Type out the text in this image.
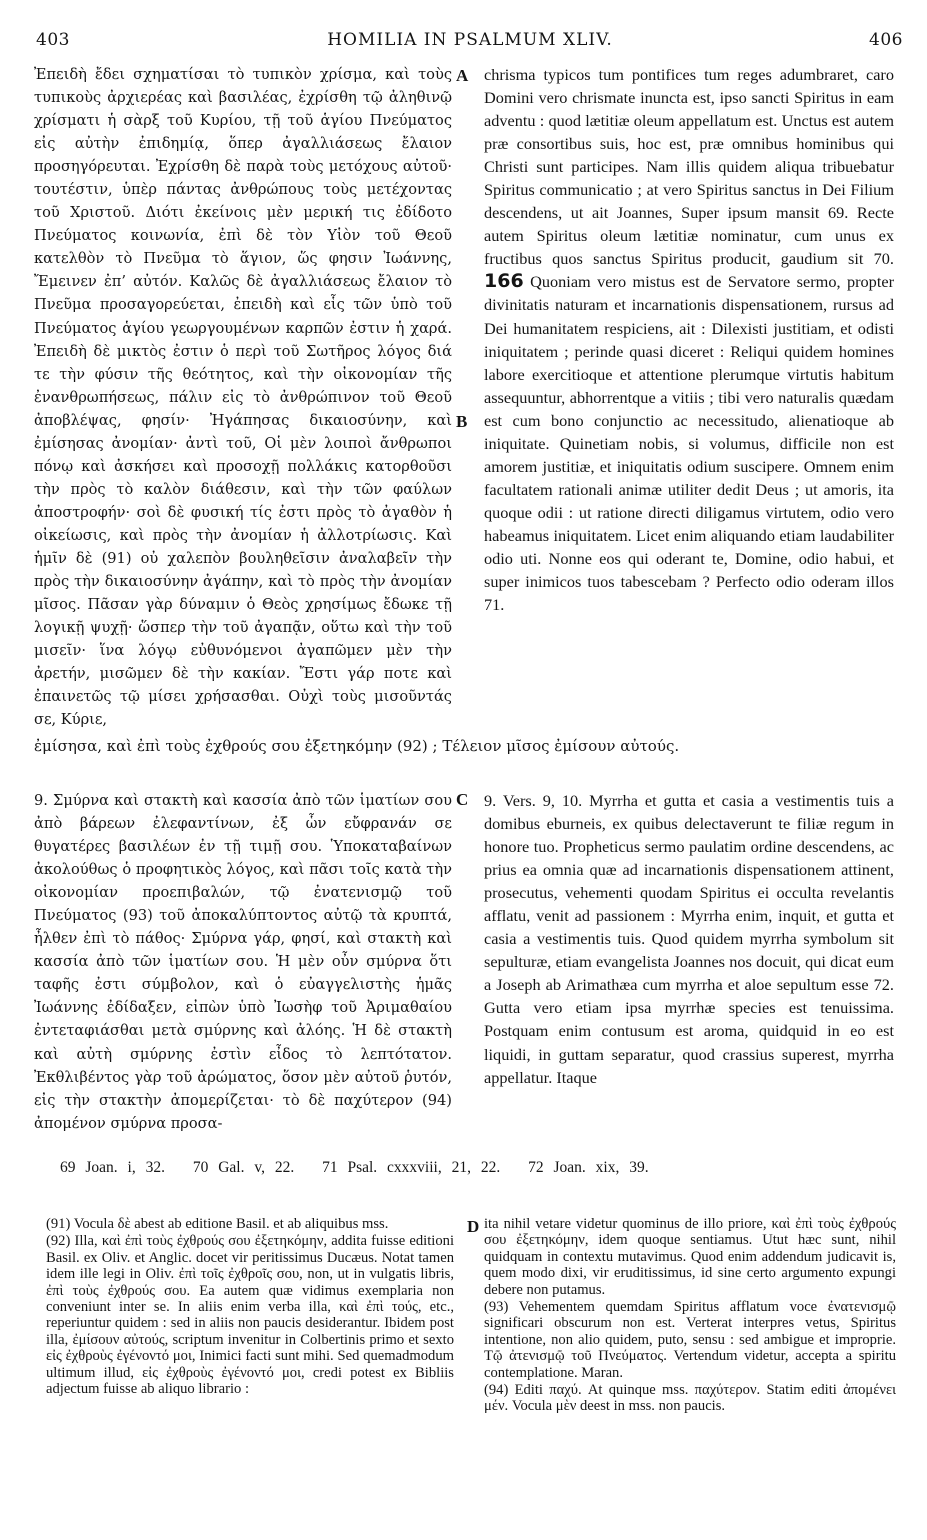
403	HOMILIA IN PSALMUM XLIV.	406

Ἐπειδὴ ἔδει σχηματίσαι τὸ τυπικὸν χρίσμα, καὶ τοὺς τυπικοὺς ἀρχιερέας καὶ βασιλέας, ἐχρίσθη τῷ ἀληθινῷ χρίσματι ἡ σὰρξ τοῦ Κυρίου, τῇ τοῦ ἁγίου Πνεύματος εἰς αὐτὴν ἐπιδημίᾳ, ὅπερ ἀγαλλιάσεως ἔλαιον προσηγόρευται. Ἐχρίσθη δὲ παρὰ τοὺς μετόχους αὐτοῦ· τουτέστιν, ὑπὲρ πάντας ἀνθρώπους τοὺς μετέχοντας τοῦ Χριστοῦ. Διότι ἐκείνοις μὲν μερική τις ἐδίδοτο Πνεύματος κοινωνία, ἐπὶ δὲ τὸν Υἱὸν τοῦ Θεοῦ κατελθὸν τὸ Πνεῦμα τὸ ἅγιον, ὥς φησιν Ἰωάννης, Ἔμεινεν ἐπ’ αὐτόν. Καλῶς δὲ ἀγαλλιάσεως ἔλαιον τὸ Πνεῦμα προσαγορεύεται, ἐπειδὴ καὶ εἷς τῶν ὑπὸ τοῦ Πνεύματος ἁγίου γεωργουμένων καρπῶν ἐστιν ἡ χαρά. Ἐπειδὴ δὲ μικτὸς ἐστιν ὁ περὶ τοῦ Σωτῆρος λόγος διά τε τὴν φύσιν τῆς θεότητος, καὶ τὴν οἰκονομίαν τῆς ἐνανθρωπήσεως, πάλιν εἰς τὸ ἀνθρώπινον τοῦ Θεοῦ ἀποβλέψας, φησίν· Ἠγάπησας δικαιοσύνην, καὶ ἐμίσησας ἀνομίαν· ἀντὶ τοῦ, Οἱ μὲν λοιποὶ ἄνθρωποι πόνῳ καὶ ἀσκήσει καὶ προσοχῇ πολλάκις κατορθοῦσι τὴν πρὸς τὸ καλὸν διάθεσιν, καὶ τὴν τῶν φαύλων ἀποστροφήν· σοὶ δὲ φυσική τίς ἐστι πρὸς τὸ ἀγαθὸν ἡ οἰκείωσις, καὶ πρὸς τὴν ἀνομίαν ἡ ἀλλοτρίωσις. Καὶ ἡμῖν δὲ (91) οὐ χαλεπὸν βουληθεῖσιν ἀναλαβεῖν τὴν πρὸς τὴν δικαιοσύνην ἀγάπην, καὶ τὸ πρὸς τὴν ἀνομίαν μῖσος. Πᾶσαν γὰρ δύναμιν ὁ Θεὸς χρησίμως ἔδωκε τῇ λογικῇ ψυχῇ· ὥσπερ τὴν τοῦ ἀγαπᾷν, οὕτω καὶ τὴν τοῦ μισεῖν· ἵνα λόγῳ εὐθυνόμενοι ἀγαπῶμεν μὲν τὴν ἀρετήν, μισῶμεν δὲ τὴν κακίαν. Ἔστι γάρ ποτε καὶ ἐπαινετῶς τῷ μίσει χρήσασθαι. Οὐχὶ τοὺς μισοῦντάς σε, Κύριε,

A
B

chrisma typicos tum pontifices tum reges adumbraret, caro Domini vero chrismate inuncta est, ipso sancti Spiritus in eam adventu : quod lætitiæ oleum appellatum est. Unctus est autem præ consortibus suis, hoc est, præ omnibus hominibus qui Christi sunt participes. Nam illis quidem aliqua tribuebatur Spiritus communicatio ; at vero Spiritus sanctus in Dei Filium descendens, ut ait Joannes, Super ipsum mansit 69. Recte autem Spiritus oleum lætitiæ nominatur, cum unus ex fructibus quos sanctus Spiritus producit, gaudium sit 70. 166 Quoniam vero mistus est de Servatore sermo, propter divinitatis naturam et incarnationis dispensationem, rursus ad Dei humanitatem respiciens, ait : Dilexisti justitiam, et odisti iniquitatem ; perinde quasi diceret : Reliqui quidem homines labore exercitioque et attentione plerumque virtutis habitum assequuntur, abhorrentque a vitiis ; tibi vero naturalis quædam est cum bono conjunctio ac necessitudo, alienatioque ab iniquitate. Quinetiam nobis, si volumus, difficile non est amorem justitiæ, et iniquitatis odium suscipere. Omnem enim facultatem rationali animæ utiliter dedit Deus ; ut amoris, ita quoque odii : ut ratione directi diligamus virtutem, odio vero habeamus iniquitatem. Licet enim aliquando etiam laudabiliter odio uti. Nonne eos qui oderant te, Domine, odio habui, et super inimicos tuos tabescebam ? Perfecto odio oderam illos 71.

ἐμίσησα, καὶ ἐπὶ τοὺς ἐχθρούς σου ἐξετηκόμην (92) ; Τέλειον μῖσος ἐμίσουν αὐτούς.
C

9. Σμύρνα καὶ στακτὴ καὶ κασσία ἀπὸ τῶν ἱματίων σου ἀπὸ βάρεων ἐλεφαντίνων, ἐξ ὧν εὔφρανάν σε θυγατέρες βασιλέων ἐν τῇ τιμῇ σου. Ὑποκαταβαίνων ἀκολούθως ὁ προφητικὸς λόγος, καὶ πᾶσι τοῖς κατὰ τὴν οἰκονομίαν προεπιβαλών, τῷ ἐνατενισμῷ τοῦ Πνεύματος (93) τοῦ ἀποκαλύπτοντος αὐτῷ τὰ κρυπτά, ἦλθεν ἐπὶ τὸ πάθος· Σμύρνα γάρ, φησί, καὶ στακτὴ καὶ κασσία ἀπὸ τῶν ἱματίων σου. Ἡ μὲν οὖν σμύρνα ὅτι ταφῆς ἐστι σύμβολον, καὶ ὁ εὐαγγελιστὴς ἡμᾶς Ἰωάννης ἐδίδαξεν, εἰπὼν ὑπὸ Ἰωσὴφ τοῦ Ἀριμαθαίου ἐντεταφιάσθαι μετὰ σμύρνης καὶ ἀλόης. Ἡ δὲ στακτὴ καὶ αὐτὴ σμύρνης ἐστὶν εἶδος τὸ λεπτότατον. Ἐκθλιβέντος γὰρ τοῦ ἀρώματος, ὅσον μὲν αὐτοῦ ῥυτόν, εἰς τὴν στακτὴν ἀπομερίζεται· τὸ δὲ παχύτερον (94) ἀπομένον σμύρνα προσα-

9. Vers. 9, 10. Myrrha et gutta et casia a vestimentis tuis a domibus eburneis, ex quibus delectaverunt te filiæ regum in honore tuo. Propheticus sermo paulatim ordine descendens, ac prius ea omnia quæ ad incarnationis dispensationem attinent, prosecutus, vehementi quodam Spiritus ei occulta revelantis afflatu, venit ad passionem : Myrrha enim, inquit, et gutta et casia a vestimentis tuis. Quod quidem myrrha symbolum sit sepulturæ, etiam evangelista Joannes nos docuit, qui dicat eum a Joseph ab Arimathæa cum myrrha et aloe sepultum esse 72. Gutta vero etiam ipsa myrrhæ species est tenuissima. Postquam enim contusum est aroma, quidquid in eo est liquidi, in guttam separatur, quod crassius superest, myrrha appellatur. Itaque

69 Joan. i, 32. 70 Gal. v, 22. 71 Psal. cxxxviii, 21, 22. 72 Joan. xix, 39.
D

(91) Vocula δὲ abest ab editione Basil. et ab aliquibus mss.

(92) Illa, καὶ ἐπὶ τοὺς ἐχθρούς σου ἐξετηκόμην, addita fuisse editioni Basil. ex Oliv. et Anglic. docet vir peritissimus Ducæus. Notat tamen idem ille legi in Oliv. ἐπὶ τοῖς ἐχθροῖς σου, non, ut in vulgatis libris, ἐπὶ τοὺς ἐχθρούς σου. Ea autem quæ vidimus exemplaria non conveniunt inter se. In aliis enim verba illa, καὶ ἐπὶ τούς, etc., reperiuntur quidem : sed in aliis non paucis desiderantur. Ibidem post illa, ἐμίσουν αὐτούς, scriptum invenitur in Colbertinis primo et sexto εἰς ἐχθροὺς ἐγένοντό μοι, Inimici facti sunt mihi. Sed quemadmodum ultimum illud, εἰς ἐχθροὺς ἐγένοντό μοι, credi potest ex Bibliis adjectum fuisse ab aliquo librario :

ita nihil vetare videtur quominus de illo priore, καὶ ἐπὶ τοὺς ἐχθρούς σου ἐξετηκόμην, idem quoque sentiamus. Utut hæc sunt, nihil quidquam in contextu mutavimus. Quod enim addendum judicavit is, quem modo dixi, vir eruditissimus, id sine certo argumento expungi debere non putamus.

(93) Vehementem quemdam Spiritus afflatum voce ἐνατενισμῷ significari obscurum non est. Verterat interpres vetus, Spiritus intentione, non alio quidem, puto, sensu : sed ambigue et improprie. Τῷ ἀτενισμῷ τοῦ Πνεύματος. Vertendum videtur, accepta a spiritu contemplatione. Maran.

(94) Editi παχύ. At quinque mss. παχύτερον. Statim editi ἀπομένει μέν. Vocula μὲν deest in mss. non paucis.
